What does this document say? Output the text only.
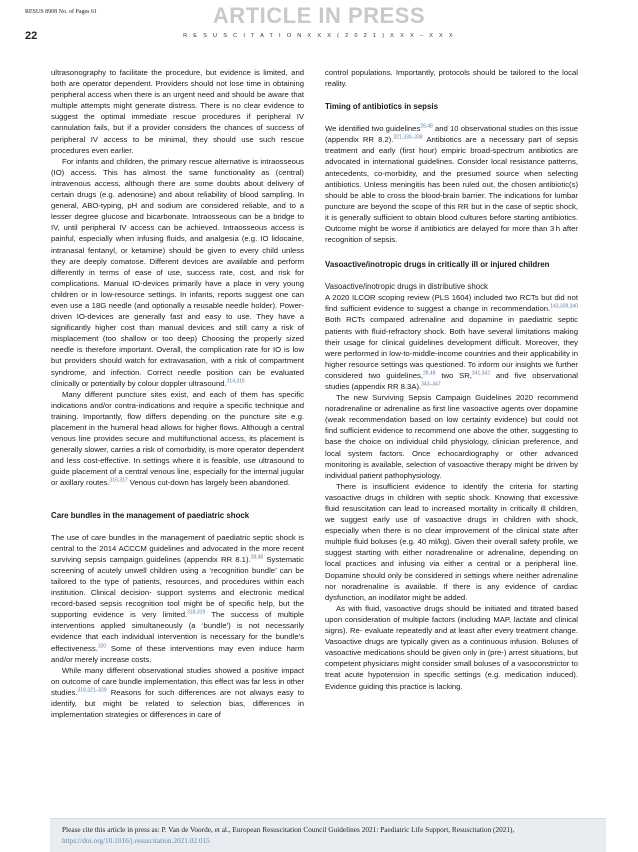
RESUS 8908 No. of Pages 61	ARTICLE IN PRESS
22	R E S U S C I T A T I O N X X X ( 2 0 2 1 ) X X X – X X X

ultrasonography to facilitate the procedure, but evidence is limited, and both are operator dependent. Providers should not lose time in obtaining peripheral access when there is an urgent need and should be aware that multiple attempts might generate distress. There is no clear evidence to suggest the optimal immediate rescue procedures if peripheral IV cannulation fails, but if a provider considers the chances of success of peripheral IV access to be minimal, they should use such rescue procedures even earlier.

For infants and children, the primary rescue alternative is intraosseous (IO) access. This has almost the same functionality as (central) intravenous access, although there are some doubts about delivery of certain drugs (e.g. adenosine) and about reliability of blood sampling. In general, ABO-typing, pH and sodium are considered reliable, and to a lesser degree glucose and bicarbonate. Intraosseous can be a bridge to IV, until peripheral IV access can be achieved. Intraosseous access is painful, especially when infusing fluids, and analgesia (e.g. IO lidocaine, intranasal fentanyl, or ketamine) should be given to every child unless they are deeply comatose. Different devices are available and perform differently in terms of ease of use, success rate, cost, and risk for complications. Manual IO-devices primarily have a place in very young children or in low-resource settings. In infants, reports suggest one can even use a 18G needle (and optionally a reusable needle holder). Power-driven IO-devices are generally fast and easy to use. They have a significantly higher cost than manual devices and still carry a risk of misplacement (too shallow or too deep) Choosing the properly sized needle is therefore important. Overall, the complication rate for IO is low but providers should watch for extravasation, with a risk of compartment syndrome, and infection. Correct needle position can be evaluated clinically or potentially by colour doppler ultrasound.$^{314,315}$

Many different puncture sites exist, and each of them has specific indications and/or contra-indications and require a specific technique and training. Importantly, flow differs depending on the puncture site e.g. placement in the humeral head allows for higher flows. Although a central venous line provides secure and multifunctional access, its placement is generally slower, carries a risk of comorbidity, is more operator dependent and less cost-effective. In settings where it is feasible, use ultrasound to guide placement of a central venous line, especially for the internal jugular or axillary routes.$^{316,317}$ Venous cut-down has largely been abandoned.

Care bundles in the management of paediatric shock

The use of care bundles in the management of paediatric septic shock is central to the 2014 ACCCM guidelines and advocated in the more recent surviving sepsis campaign guidelines (appendix RR 8.1).$^{28,48}$ Systematic screening of acutely unwell children using a ‘recognition bundle’ can be tailored to the type of patients, resources, and procedures within each institution. Clinical decision- support systems and electronic medical record-based sepsis recognition tool might be of specific help, but the supporting evidence is very limited.$^{318,319}$ The success of multiple interventions applied simultaneously (a ‘bundle’) is not necessarily evidence that each individual intervention is necessary for the bundle's effectiveness.$^{320}$ Some of these interventions may even induce harm and/or merely increase costs.

While many different observational studies showed a positive impact on outcome of care bundle implementation, this effect was far less in other studies.$^{318,321-329}$ Reasons for such differences are not always easy to identify, but might be related to selection bias, differences in implementation strategies or differences in care of

control populations. Importantly, protocols should be tailored to the local reality.

Timing of antibiotics in sepsis

We identified two guidelines$^{28,48}$ and 10 observational studies on this issue (appendix RR 8.2).$^{321,330-338}$ Antibiotics are a necessary part of sepsis treatment and early (first hour) empiric broad-spectrum antibiotics are advocated in international guidelines. Consider local resistance patterns, antecedents, co-morbidity, and the presumed source when selecting antibiotics. Unless meningitis has been ruled out, the chosen antibiotic(s) should be able to cross the blood-brain barrier. The indications for lumbar puncture are beyond the scope of this RR but in the case of septic shock, it is generally sufficient to obtain blood cultures before starting antibiotics. Outcome might be worse if antibiotics are delayed for more than 3 h after recognition of sepsis.

Vasoactive/inotropic drugs in critically ill or injured children
Vasoactive/inotropic drugs in distributive shock

A 2020 ILCOR scoping review (PLS 1604) included two RCTs but did not find sufficient evidence to suggest a change in recommendation.$^{143,339,340}$ Both RCTs compared adrenaline and dopamine in paediatric septic patients with fluid-refractory shock. Both have several limitations making their usage for clinical guidelines development difficult. Moreover, they were performed in low-to-middle-income countries and their applicability in higher resource settings was questioned. To inform our insights we further considered two guidelines,$^{28,48}$ two SR,$^{341,342}$ and five observational studies (appendix RR 8.3A).$^{343-347}$

The new Surviving Sepsis Campaign Guidelines 2020 recommend noradrenaline or adrenaline as first line vasoactive agents over dopamine (weak recommendation based on low certainty evidence) but could not find sufficient evidence to recommend one above the other, suggesting to base the choice on individual child physiology, clinician preference, and local system factors. Once echocardiography or other advanced monitoring is available, selection of vasoactive therapy might be driven by individual patient pathophysiology.

There is insufficient evidence to identify the criteria for starting vasoactive drugs in children with septic shock. Knowing that excessive fluid resuscitation can lead to increased mortality in critically ill children, we suggest early use of vasoactive drugs in children with shock, especially when there is no clear improvement of the clinical state after multiple fluid boluses (e.g. 40 ml/kg). Given their overall safety profile, we suggest starting with either noradrenaline or adrenaline, depending on local practices and infusing via either a central or a peripheral line. Dopamine should only be considered in settings where neither adrenaline nor noradrenaline is available. If there is any evidence of cardiac dysfunction, an inodilator might be added.

As with fluid, vasoactive drugs should be initiated and titrated based upon consideration of multiple factors (including MAP, lactate and clinical signs). Re- evaluate repeatedly and at least after every treatment change. Vasoactive drugs are typically given as a continuous infusion. Boluses of vasoactive medications should be given only in (pre-) arrest situations, but competent physicians might consider small boluses of a vasoconstrictor to treat acute hypotension in specific settings (e.g. medication induced). Evidence guiding this practice is lacking.

Please cite this article in press as: P. Van de Voorde, et al., European Resuscitation Council Guidelines 2021: Paediatric Life Support, Resuscitation (2021), https://doi.org/10.1016/j.resuscitation.2021.02.015
